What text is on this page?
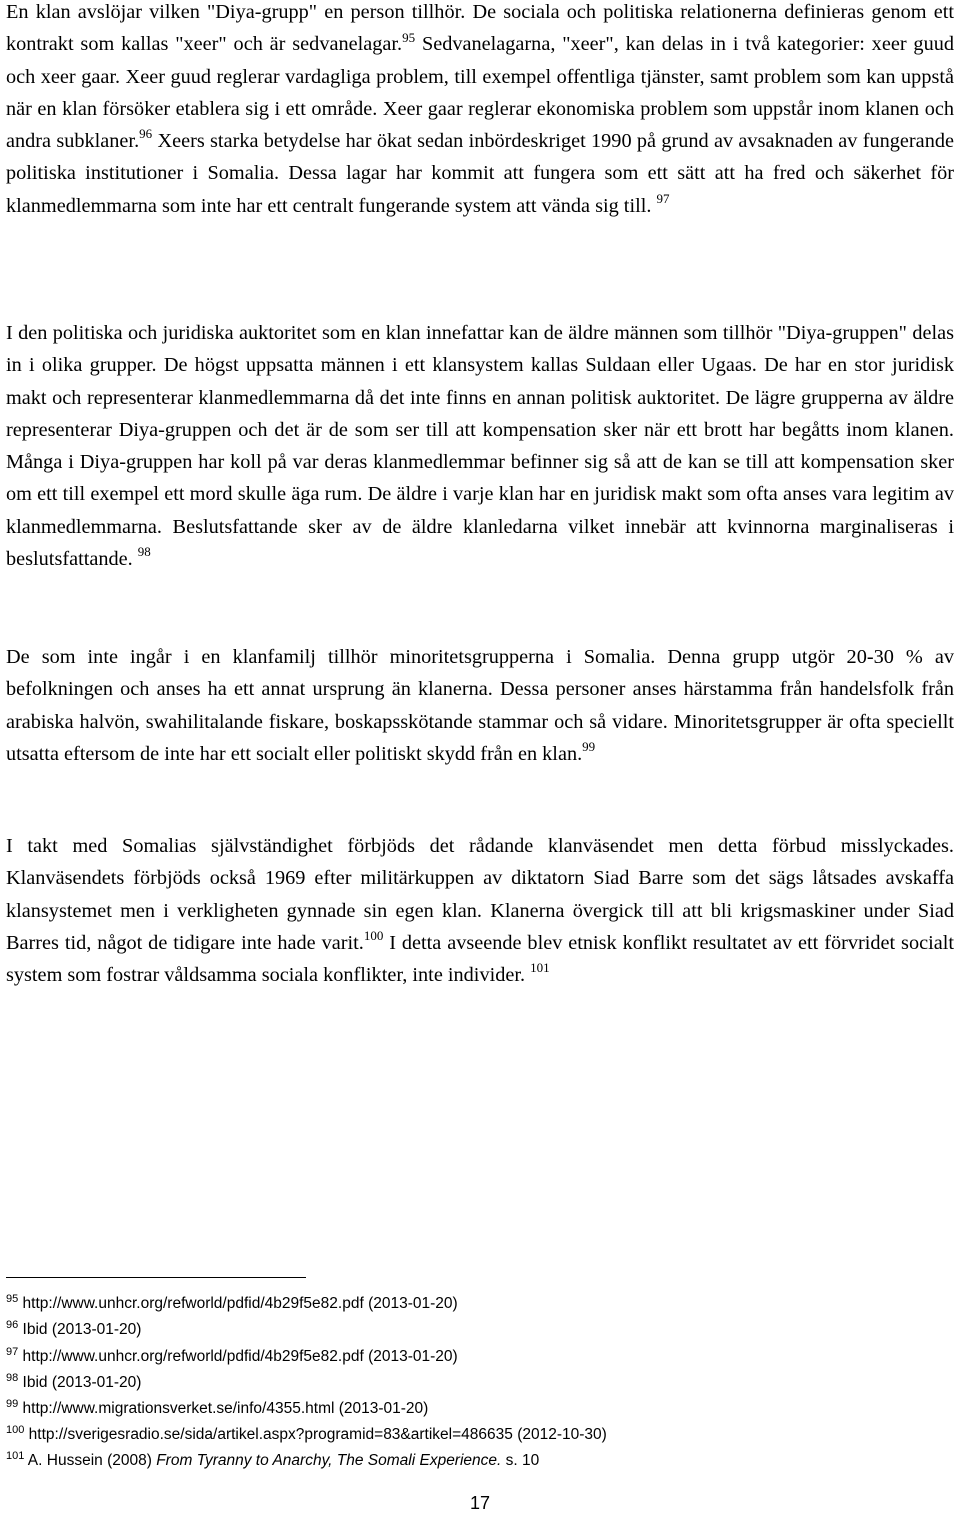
En klan avslöjar vilken "Diya-grupp" en person tillhör. De sociala och politiska relationerna definieras genom ett kontrakt som kallas "xeer" och är sedvanelagar.$^{95}$ Sedvanelagarna, "xeer", kan delas in i två kategorier: xeer guud och xeer gaar. Xeer guud reglerar vardagliga problem, till exempel offentliga tjänster, samt problem som kan uppstå när en klan försöker etablera sig i ett område. Xeer gaar reglerar ekonomiska problem som uppstår inom klanen och andra subklaner.$^{96}$ Xeers starka betydelse har ökat sedan inbördeskriget 1990 på grund av avsaknaden av fungerande politiska institutioner i Somalia. Dessa lagar har kommit att fungera som ett sätt att ha fred och säkerhet för klanmedlemmarna som inte har ett centralt fungerande system att vända sig till. $^{97}$

I den politiska och juridiska auktoritet som en klan innefattar kan de äldre männen som tillhör "Diya-gruppen" delas in i olika grupper. De högst uppsatta männen i ett klansystem kallas Suldaan eller Ugaas. De har en stor juridisk makt och representerar klanmedlemmarna då det inte finns en annan politisk auktoritet. De lägre grupperna av äldre representerar Diya-gruppen och det är de som ser till att kompensation sker när ett brott har begåtts inom klanen. Många i Diya-gruppen har koll på var deras klanmedlemmar befinner sig så att de kan se till att kompensation sker om ett till exempel ett mord skulle äga rum. De äldre i varje klan har en juridisk makt som ofta anses vara legitim av klanmedlemmarna. Beslutsfattande sker av de äldre klanledarna vilket innebär att kvinnorna marginaliseras i beslutsfattande. $^{98}$

De som inte ingår i en klanfamilj tillhör minoritetsgrupperna i Somalia. Denna grupp utgör 20-30 % av befolkningen och anses ha ett annat ursprung än klanerna. Dessa personer anses härstamma från handelsfolk från arabiska halvön, swahilitalande fiskare, boskapsskötande stammar och så vidare. Minoritetsgrupper är ofta speciellt utsatta eftersom de inte har ett socialt eller politiskt skydd från en klan.$^{99}$

I takt med Somalias självständighet förbjöds det rådande klanväsendet men detta förbud misslyckades. Klanväsendets förbjöds också 1969 efter militärkuppen av diktatorn Siad Barre som det sägs låtsades avskaffa klansystemet men i verkligheten gynnade sin egen klan. Klanerna övergick till att bli krigsmaskiner under Siad Barres tid, något de tidigare inte hade varit.$^{100}$ I detta avseende blev etnisk konflikt resultatet av ett förvridet socialt system som fostrar våldsamma sociala konflikter, inte individer. $^{101}$

$^{95}$ http://www.unhcr.org/refworld/pdfid/4b29f5e82.pdf (2013-01-20)
$^{96}$ Ibid (2013-01-20)
$^{97}$ http://www.unhcr.org/refworld/pdfid/4b29f5e82.pdf (2013-01-20)
$^{98}$ Ibid (2013-01-20)
$^{99}$ http://www.migrationsverket.se/info/4355.html (2013-01-20)
$^{100}$ http://sverigesradio.se/sida/artikel.aspx?programid=83&artikel=486635 (2012-10-30)
$^{101}$ A. Hussein (2008) From Tyranny to Anarchy, The Somali Experience. s. 10
17
